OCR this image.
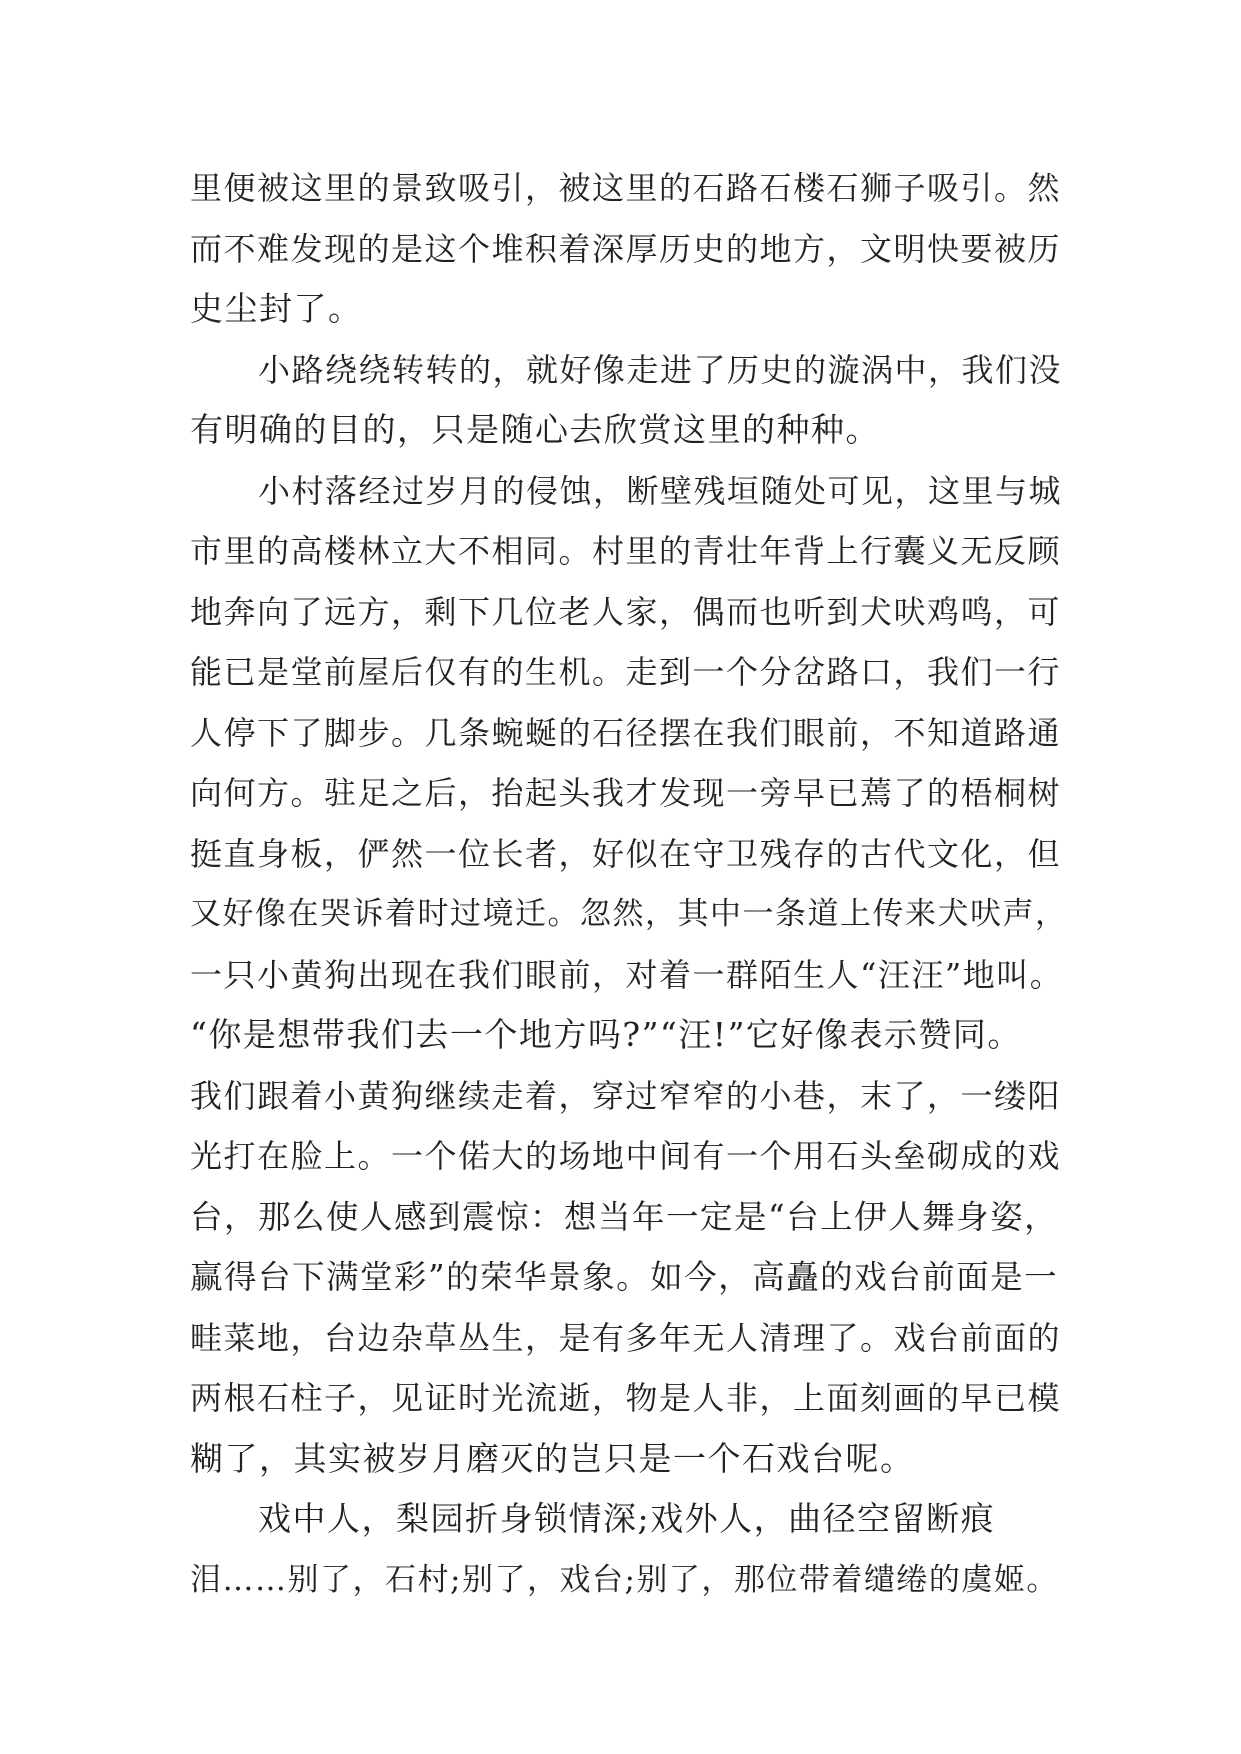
里便被这里的景致吸引，被这里的石路石楼石狮子吸引。然
而不难发现的是这个堆积着深厚历史的地方，文明快要被历
史尘封了。
小路绕绕转转的，就好像走进了历史的漩涡中，我们没
有明确的目的，只是随心去欣赏这里的种种。
小村落经过岁月的侵蚀，断壁残垣随处可见，这里与城
市里的高楼林立大不相同。村里的青壮年背上行囊义无反顾
地奔向了远方，剩下几位老人家，偶而也听到犬吠鸡鸣，可
能已是堂前屋后仅有的生机。走到一个分岔路口，我们一行
人停下了脚步。几条蜿蜒的石径摆在我们眼前，不知道路通
向何方。驻足之后，抬起头我才发现一旁早已蔫了的梧桐树
挺直身板，俨然一位长者，好似在守卫残存的古代文化，但
又好像在哭诉着时过境迁。忽然，其中一条道上传来犬吠声，
一只小黄狗出现在我们眼前，对着一群陌生人“汪汪”地叫。
“你是想带我们去一个地方吗?”“汪!”它好像表示赞同。
我们跟着小黄狗继续走着，穿过窄窄的小巷，末了，一缕阳
光打在脸上。一个偌大的场地中间有一个用石头垒砌成的戏
台，那么使人感到震惊：想当年一定是“台上伊人舞身姿，
赢得台下满堂彩”的荣华景象。如今，高矗的戏台前面是一
畦菜地，台边杂草丛生，是有多年无人清理了。戏台前面的
两根石柱子，见证时光流逝，物是人非，上面刻画的早已模
糊了，其实被岁月磨灭的岂只是一个石戏台呢。
戏中人，梨园折身锁情深;戏外人，曲径空留断痕
泪……别了，石村;别了，戏台;别了，那位带着缱绻的虞姬。
